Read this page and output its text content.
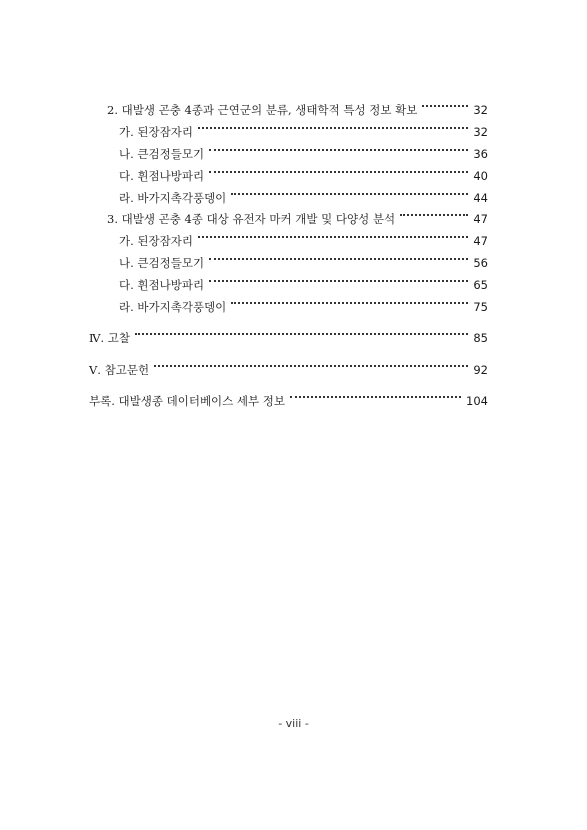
2. 대발생 곤충 4종과 근연군의 분류, 생태학적 특성 정보 확보	32
가. 된장잠자리	32
나. 큰검정들모기	36
다. 휜점나방파리	40
라. 바가지촉각풍뎅이	44
3. 대발생 곤충 4종 대상 유전자 마커 개발 및 다양성 분석	47
가. 된장잠자리	47
나. 큰검정들모기	56
다. 휜점나방파리	65
라. 바가지촉각풍뎅이	75
Ⅳ. 고찰	85
Ⅴ. 참고문헌	92
부록. 대발생종 데이터베이스 세부 정보	104
- viii -
